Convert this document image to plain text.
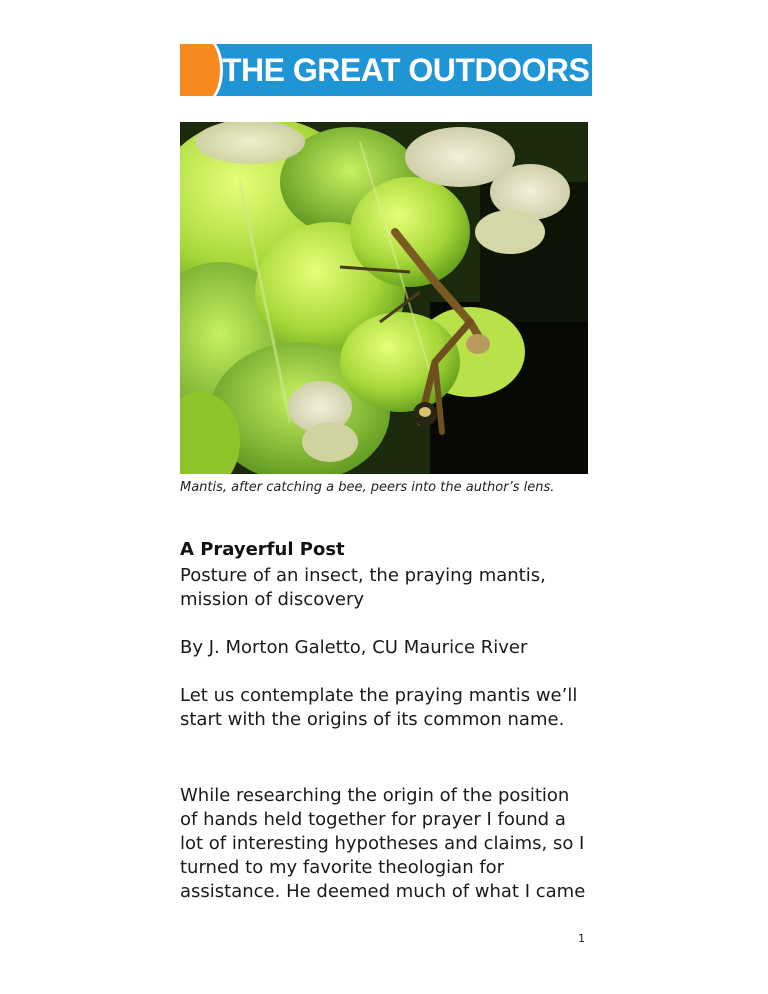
THE GREAT OUTDOORS
Mantis, after catching a bee, peers into the author’s lens.
A Prayerful Post
Posture of an insect, the praying mantis, mission of discovery
By J. Morton Galetto, CU Maurice River
Let us contemplate the praying mantis we’ll start with the origins of its common name.
While researching the origin of the position of hands held together for prayer I found a lot of interesting hypotheses and claims, so I turned to my favorite theologian for assistance. He deemed much of what I came
1
